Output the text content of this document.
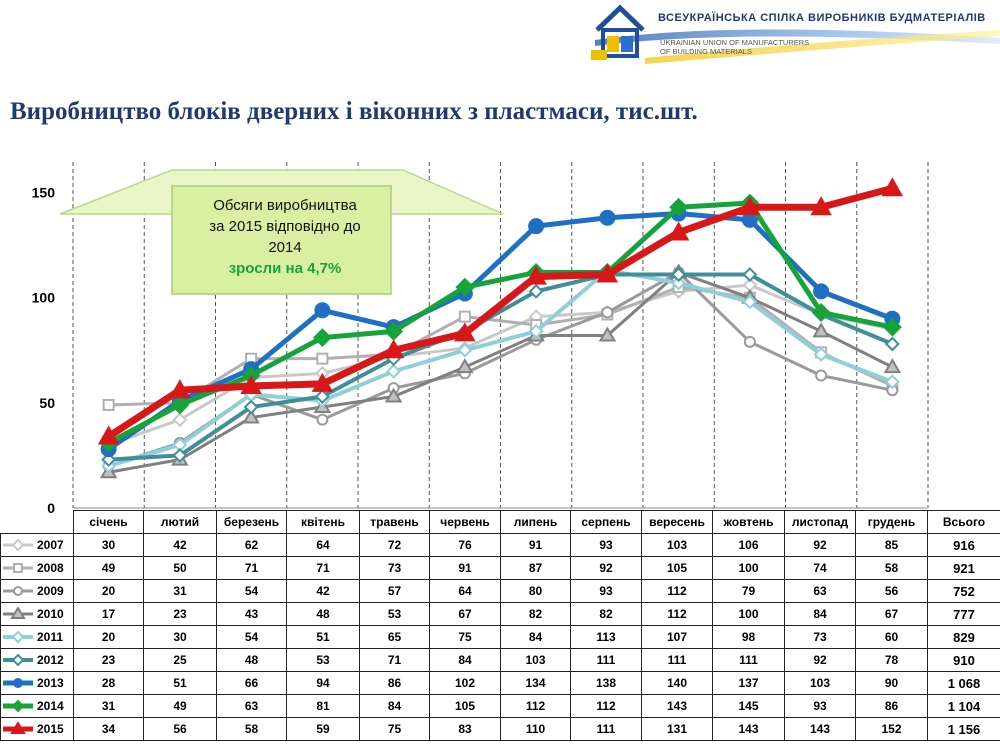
ВСЕУКРАЇНСЬКА СПІЛКА ВИРОБНИКІВ БУДМАТЕРІАЛІВ
UKRAINIAN UNION OF MANUFACTURERS
OF BUILDING MATERIALS
Виробництво блоків дверних і віконних з пластмаси, тис.шт.
0
50
100
150
Обсяги виробництва
за 2015 відповідно до
2014
зросли на 4,7%
	січень	лютий	березень	квітень	травень	червень	липень	серпень	вересень	жовтень	листопад	грудень	Всього
2007	30	42	62	64	72	76	91	93	103	106	92	85	916
2008	49	50	71	71	73	91	87	92	105	100	74	58	921
2009	20	31	54	42	57	64	80	93	112	79	63	56	752
2010	17	23	43	48	53	67	82	82	112	100	84	67	777
2011	20	30	54	51	65	75	84	113	107	98	73	60	829
2012	23	25	48	53	71	84	103	111	111	111	92	78	910
2013	28	51	66	94	86	102	134	138	140	137	103	90	1 068
2014	31	49	63	81	84	105	112	112	143	145	93	86	1 104
2015	34	56	58	59	75	83	110	111	131	143	143	152	1 156
